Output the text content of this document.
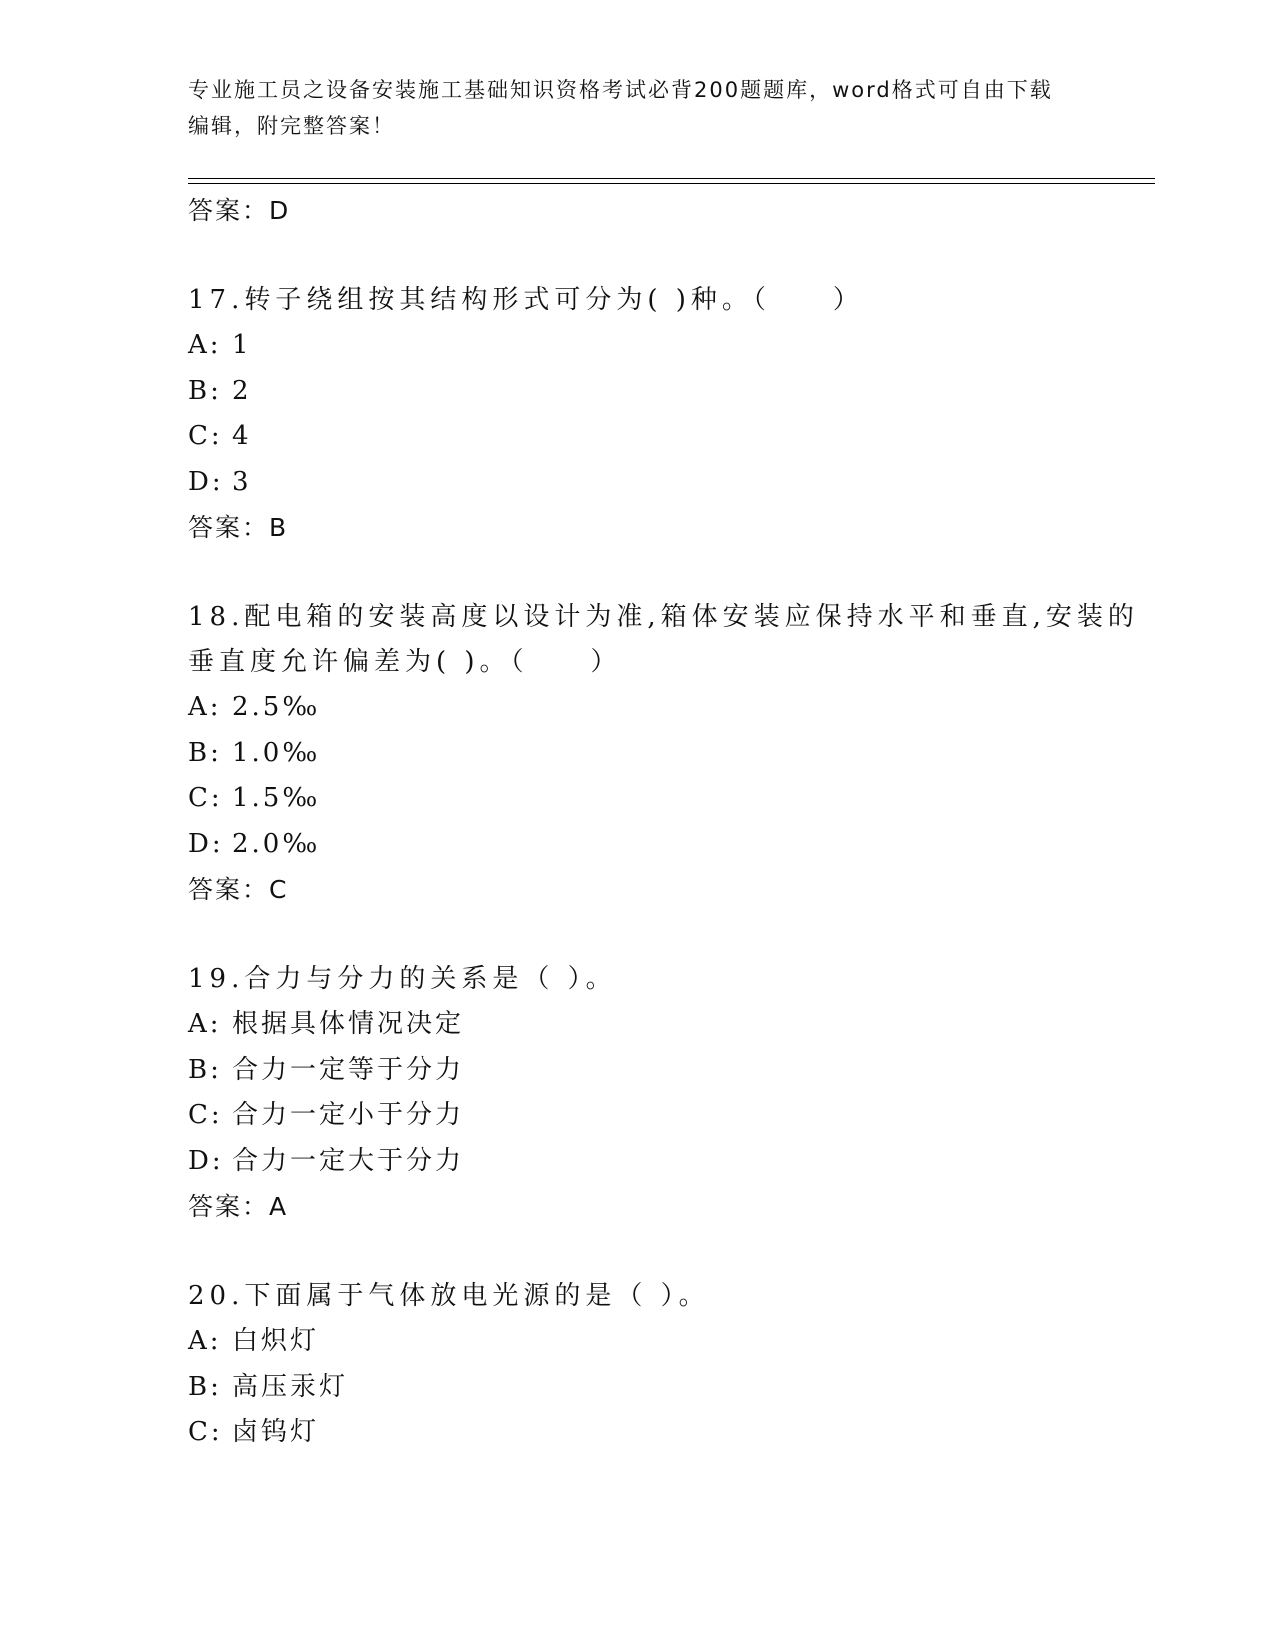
专业施工员之设备安装施工基础知识资格考试必背200题题库，word格式可自由下载编辑，附完整答案！
答案：D

17.转子绕组按其结构形式可分为( )种。（　　）

A: 1
B: 2
C: 4
D: 3
答案：B

18.配电箱的安装高度以设计为准,箱体安装应保持水平和垂直,安装的垂直度允许偏差为( )。（　　）

A: 2.5‰
B: 1.0‰
C: 1.5‰
D: 2.0‰
答案：C

19.合力与分力的关系是（ ）。

A: 根据具体情况决定
B: 合力一定等于分力
C: 合力一定小于分力
D: 合力一定大于分力
答案：A

20.下面属于气体放电光源的是（ ）。

A: 白炽灯
B: 高压汞灯
C: 卤钨灯
